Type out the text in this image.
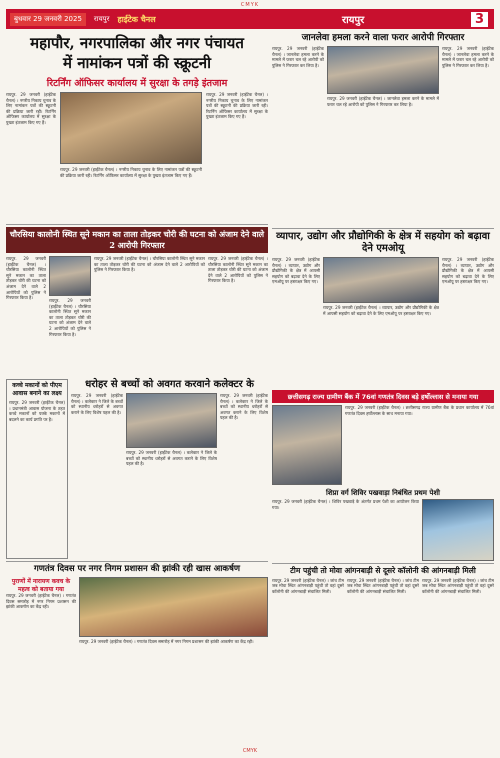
CMYK
बुधवार 29 जनवरी 2025	रायपुर हाईटेक चैनल	रायपुर	3
महापौर, नगरपालिका और नगर पंचायत
में नामांकन पत्रों की स्क्रूटनी
रिटर्निंग ऑफिसर कार्यालय में सुरक्षा के तगड़े इंतजाम
रायपुर. 29 जनवरी (हाईटेक चैनल) । नगरीय निकाय चुनाव के लिए नामांकन पत्रों की स्क्रूटनी की प्रक्रिया जारी रही। रिटर्निंग ऑफिसर कार्यालय में सुरक्षा के पुख्ता इंतजाम किए गए हैं।
रायपुर. 29 जनवरी (हाईटेक चैनल) । नगरीय निकाय चुनाव के लिए नामांकन पत्रों की स्क्रूटनी की प्रक्रिया जारी रही। रिटर्निंग ऑफिसर कार्यालय में सुरक्षा के पुख्ता इंतजाम किए गए हैं।
रायपुर. 29 जनवरी (हाईटेक चैनल) । नगरीय निकाय चुनाव के लिए नामांकन पत्रों की स्क्रूटनी की प्रक्रिया जारी रही। रिटर्निंग ऑफिसर कार्यालय में सुरक्षा के पुख्ता इंतजाम किए गए हैं।
चौरसिया कालोनी स्थित सूने मकान का ताला तोड़कर चोरी की घटना को अंजाम देने वाले 2 आरोपी गिरफ्तार
रायपुर. 29 जनवरी (हाईटेक चैनल) । चौरसिया कालोनी स्थित सूने मकान का ताला तोड़कर चोरी की घटना को अंजाम देने वाले 2 आरोपियों को पुलिस ने गिरफ्तार किया है।
रायपुर. 29 जनवरी (हाईटेक चैनल) । चौरसिया कालोनी स्थित सूने मकान का ताला तोड़कर चोरी की घटना को अंजाम देने वाले 2 आरोपियों को पुलिस ने गिरफ्तार किया है।
रायपुर. 29 जनवरी (हाईटेक चैनल) । चौरसिया कालोनी स्थित सूने मकान का ताला तोड़कर चोरी की घटना को अंजाम देने वाले 2 आरोपियों को पुलिस ने गिरफ्तार किया है।
रायपुर. 29 जनवरी (हाईटेक चैनल) । चौरसिया कालोनी स्थित सूने मकान का ताला तोड़कर चोरी की घटना को अंजाम देने वाले 2 आरोपियों को पुलिस ने गिरफ्तार किया है।
कच्चे मकानों को पीएम आवास बनाने का लक्ष्य
रायपुर. 29 जनवरी (हाईटेक चैनल) । प्रधानमंत्री आवास योजना के तहत कच्चे मकानों को पक्के मकानों में बदलने का कार्य प्रगति पर है।
धरोहर से बच्चों को अवगत करवाने कलेक्टर के
रायपुर. 29 जनवरी (हाईटेक चैनल) । कलेक्टर ने जिले के बच्चों को स्थानीय धरोहरों से अवगत कराने के लिए विशेष पहल की है।
रायपुर. 29 जनवरी (हाईटेक चैनल) । कलेक्टर ने जिले के बच्चों को स्थानीय धरोहरों से अवगत कराने के लिए विशेष पहल की है।
रायपुर. 29 जनवरी (हाईटेक चैनल) । कलेक्टर ने जिले के बच्चों को स्थानीय धरोहरों से अवगत कराने के लिए विशेष पहल की है।
गणतंत्र दिवस पर नगर निगम प्रशासन की झांकी रही खास आकर्षण
पुराणों में नारायण कवच के महत्व को बताया गया
रायपुर. 29 जनवरी (हाईटेक चैनल) । गणतंत्र दिवस समारोह में नगर निगम प्रशासन की झांकी आकर्षण का केंद्र रही।
रायपुर. 29 जनवरी (हाईटेक चैनल) । गणतंत्र दिवस समारोह में नगर निगम प्रशासन की झांकी आकर्षण का केंद्र रही।
जानलेवा हमला करने वाला फरार आरोपी गिरफ्तार
रायपुर. 29 जनवरी (हाईटेक चैनल) । जानलेवा हमला करने के मामले में फरार चल रहे आरोपी को पुलिस ने गिरफ्तार कर लिया है।
रायपुर. 29 जनवरी (हाईटेक चैनल) । जानलेवा हमला करने के मामले में फरार चल रहे आरोपी को पुलिस ने गिरफ्तार कर लिया है।
रायपुर. 29 जनवरी (हाईटेक चैनल) । जानलेवा हमला करने के मामले में फरार चल रहे आरोपी को पुलिस ने गिरफ्तार कर लिया है।
व्यापार, उद्योग और प्रौद्योगिकी के क्षेत्र में सहयोग को बढ़ावा देने एमओयू
रायपुर. 29 जनवरी (हाईटेक चैनल) । व्यापार, उद्योग और प्रौद्योगिकी के क्षेत्र में आपसी सहयोग को बढ़ावा देने के लिए एमओयू पर हस्ताक्षर किए गए।
रायपुर. 29 जनवरी (हाईटेक चैनल) । व्यापार, उद्योग और प्रौद्योगिकी के क्षेत्र में आपसी सहयोग को बढ़ावा देने के लिए एमओयू पर हस्ताक्षर किए गए।
रायपुर. 29 जनवरी (हाईटेक चैनल) । व्यापार, उद्योग और प्रौद्योगिकी के क्षेत्र में आपसी सहयोग को बढ़ावा देने के लिए एमओयू पर हस्ताक्षर किए गए।
छत्तीसगढ़ राज्य ग्रामीण बैंक में 76वां गणतंत्र दिवस बड़े हर्षोल्लास से मनाया गया
रायपुर. 29 जनवरी (हाईटेक चैनल) । छत्तीसगढ़ राज्य ग्रामीण बैंक के प्रधान कार्यालय में 76वां गणतंत्र दिवस हर्षोल्लास के साथ मनाया गया।
शिप्रा वर्ग शिविर पखवाड़ा निबंधित प्रथम पेशी
रायपुर. 29 जनवरी (हाईटेक चैनल) । शिविर पखवाड़े के अंतर्गत प्रथम पेशी का आयोजन किया गया।
टीम पहुंची तो मोवा आंगनबाड़ी से दूसरे कॉलोनी की आंगनबाड़ी मिली
रायपुर. 29 जनवरी (हाईटेक चैनल) । जांच टीम जब मोवा स्थित आंगनबाड़ी पहुंची तो वहां दूसरे कॉलोनी की आंगनबाड़ी संचालित मिली।
रायपुर. 29 जनवरी (हाईटेक चैनल) । जांच टीम जब मोवा स्थित आंगनबाड़ी पहुंची तो वहां दूसरे कॉलोनी की आंगनबाड़ी संचालित मिली।
रायपुर. 29 जनवरी (हाईटेक चैनल) । जांच टीम जब मोवा स्थित आंगनबाड़ी पहुंची तो वहां दूसरे कॉलोनी की आंगनबाड़ी संचालित मिली।
CMYK
